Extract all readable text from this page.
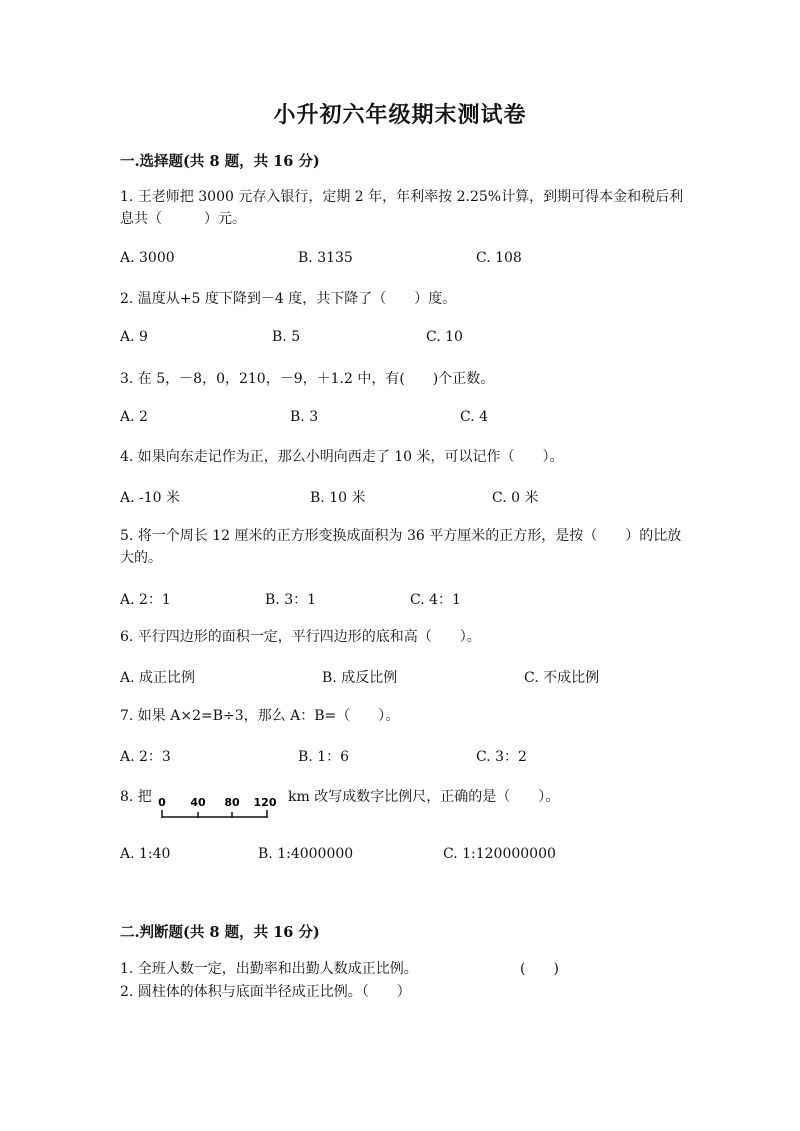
小升初六年级期末测试卷
一.选择题(共 8 题，共 16 分)
1. 王老师把 3000 元存入银行，定期 2 年，年利率按 2.25%计算，到期可得本金和税后利息共（　　　）元。
A. 3000	B. 3135	C. 108
2. 温度从+5 度下降到－4 度，共下降了（　　）度。
A. 9	B. 5	C. 10
3. 在 5，－8，0，210，－9，＋1.2 中，有(　　)个正数。
A. 2	B. 3	C. 4
4. 如果向东走记作为正，那么小明向西走了 10 米，可以记作（　　）。
A. -10 米	B. 10 米	C. 0 米
5. 将一个周长 12 厘米的正方形变换成面积为 36 平方厘米的正方形，是按（　　）的比放大的。
A. 2：1	B. 3：1	C. 4：1
6. 平行四边形的面积一定，平行四边形的底和高（　　）。
A. 成正比例	B. 成反比例	C. 不成比例
7. 如果 A×2=B÷3，那么 A：B=（　　）。
A. 2：3	B. 1：6	C. 3：2
8. 把 0 40 80 120 km 改写成数字比例尺，正确的是（　　）。
A. 1:40	B. 1:4000000	C. 1:120000000
二.判断题(共 8 题，共 16 分)
1. 全班人数一定，出勤率和出勤人数成正比例。	(　　)
2. 圆柱体的体积与底面半径成正比例。（　　）
